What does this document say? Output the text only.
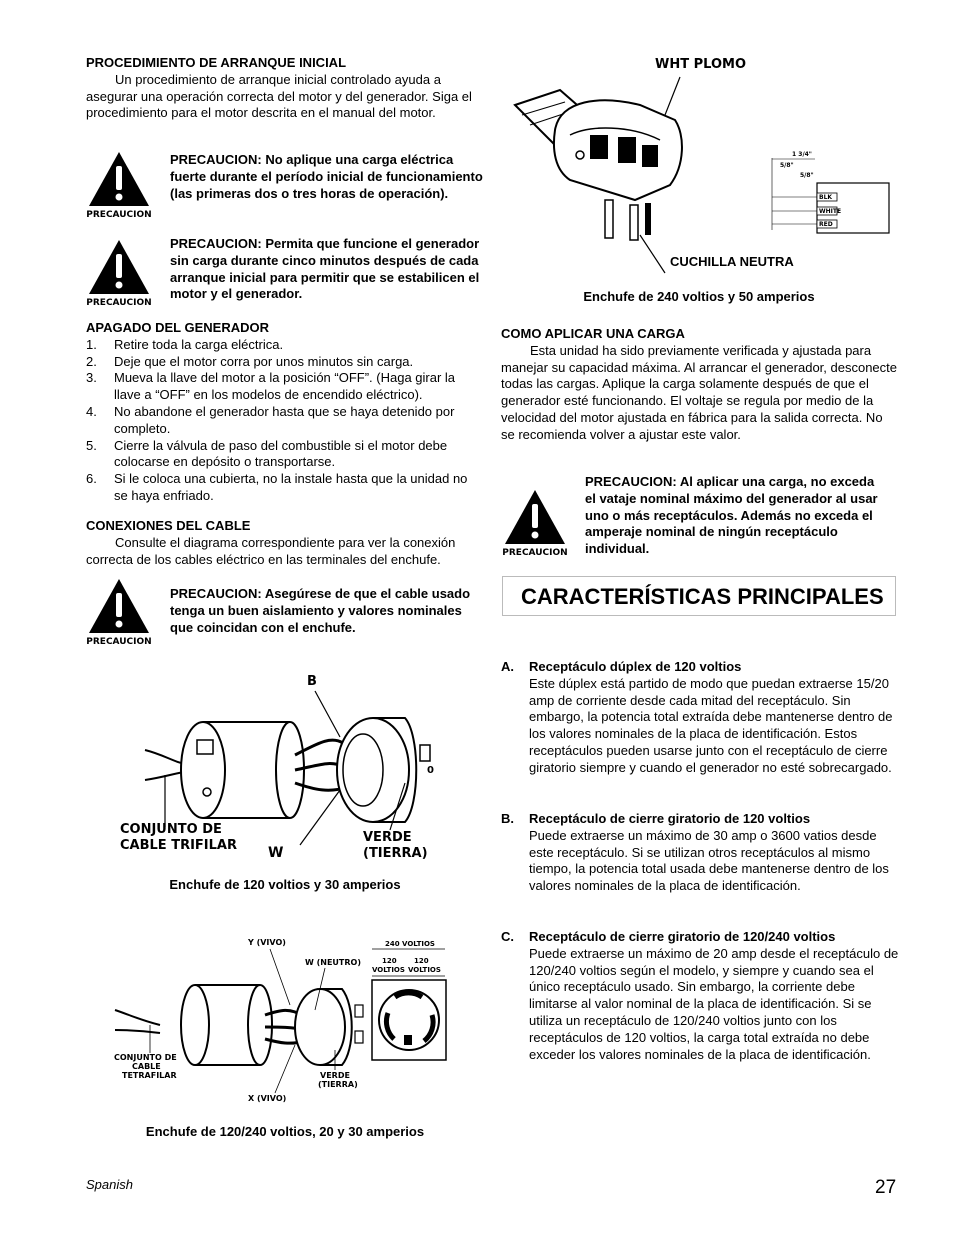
PROCEDIMIENTO DE ARRANQUE INICIAL

Un procedimiento de arranque inicial controlado ayuda a asegurar una operación correcta del motor y del generador. Siga el procedimiento para el motor descrita en el manual del motor.

PRECAUCION
PRECAUCION: No aplique una carga eléctrica fuerte durante el período inicial de funcionamiento (las primeras dos o tres horas de operación).
PRECAUCION
PRECAUCION: Permita que funcione el generador sin carga durante cinco minutos después de cada arranque inicial para permitir que se estabilicen el motor y el generador.
APAGADO DEL GENERADOR
1. Retire toda la carga eléctrica.
2. Deje que el motor corra por unos minutos sin carga.
3. Mueva la llave del motor a la posición “OFF”. (Haga girar la llave a “OFF” en los modelos de encendido eléctrico).
4. No abandone el generador hasta que se haya detenido por completo.
5. Cierre la válvula de paso del combustible si el motor debe colocarse en depósito o transportarse.
6. Si le coloca una cubierta, no la instale hasta que la unidad no se haya enfriado.
CONEXIONES DEL CABLE

Consulte el diagrama correspondiente para ver la conexión correcta de los cables eléctrico en las terminales del enchufe.

PRECAUCION
PRECAUCION: Asegúrese de que el cable usado tenga un buen aislamiento y valores nominales que coincidan con el enchufe.
B
0
CONJUNTO DE
CABLE TRIFILAR W
VERDE
(TIERRA)
Enchufe de 120 voltios y 30 amperios
Y (VIVO)
W (NEUTRO)
240 VOLTIOS
120
VOLTIOS
120
VOLTIOS
CONJUNTO DE
CABLE
TETRAFILAR	VERDE
(TIERRA)
X (VIVO)
Enchufe de 120/240 voltios, 20 y 30 amperios
WHT PLOMO
1 3/4"
5/8"
5/8"
BLK
WHITE
RED
CUCHILLA NEUTRA
Enchufe de 240 voltios y 50 amperios
COMO APLICAR UNA CARGA

Esta unidad ha sido previamente verificada y ajustada para manejar su capacidad máxima. Al arrancar el generador, desconecte todas las cargas. Aplique la carga solamente después de que el generador esté funcionando. El voltaje se regula por medio de la velocidad del motor ajustada en fábrica para la salida correcta. No se recomienda volver a ajustar este valor.

PRECAUCION
PRECAUCION: Al aplicar una carga, no exceda el vataje nominal máximo del generador al usar uno o más receptáculos. Además no exceda el amperaje nominal de ningún receptáculo individual.
CARACTERÍSTICAS PRINCIPALES
A. Receptáculo dúplex de 120 voltios
Este dúplex está partido de modo que puedan extraerse 15/20 amp de corriente desde cada mitad del receptáculo. Sin embargo, la potencia total extraída debe mantenerse dentro de los valores nominales de la placa de identificación. Estos receptáculos pueden usarse junto con el receptáculo de cierre giratorio siempre y cuando el generador no esté sobrecargado.
B. Receptáculo de cierre giratorio de 120 voltios
Puede extraerse un máximo de 30 amp o 3600 vatios desde este receptáculo. Si se utilizan otros receptáculos al mismo tiempo, la potencia total usada debe mantenerse dentro de los valores nominales de la placa de identificación.
C. Receptáculo de cierre giratorio de 120/240 voltios
Puede extraerse un máximo de 20 amp desde el receptáculo de 120/240 voltios según el modelo, y siempre y cuando sea el único receptáculo usado. Sin embargo, la corriente debe limitarse al valor nominal de la placa de identificación. Si se utiliza un receptáculo de 120/240 voltios junto con los receptáculos de 120 voltios, la carga total extraída no debe exceder los valores nominales de la placa de identificación.
Spanish	27
